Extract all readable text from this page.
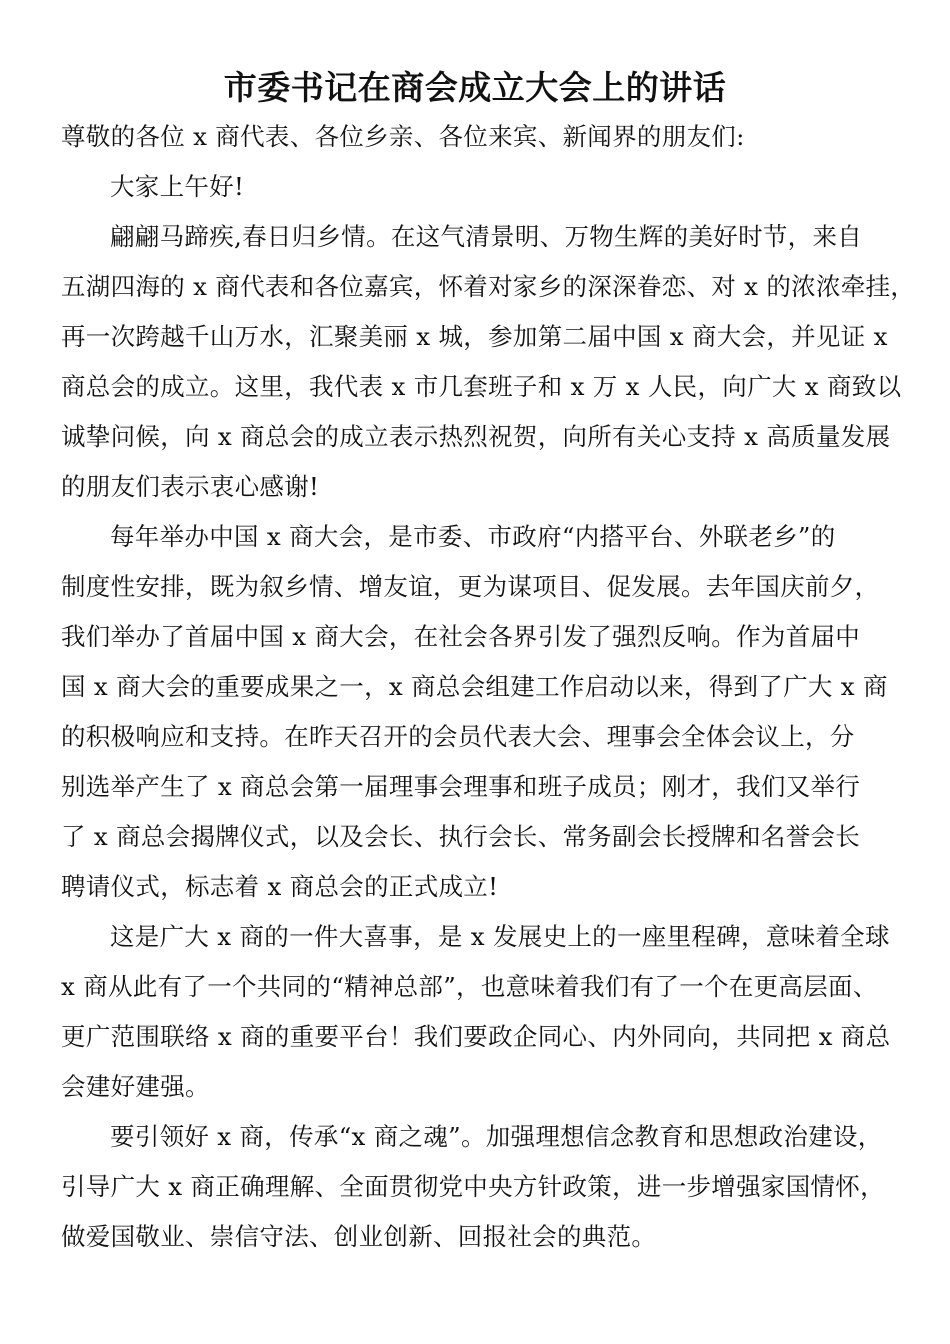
市委书记在商会成立大会上的讲话
尊敬的各位 x 商代表、各位乡亲、各位来宾、新闻界的朋友们:
大家上午好!
翩翩马蹄疾,春日归乡情。在这气清景明、万物生辉的美好时节，来自
五湖四海的 x 商代表和各位嘉宾，怀着对家乡的深深眷恋、对 x 的浓浓牵挂，
再一次跨越千山万水，汇聚美丽 x 城，参加第二届中国 x 商大会，并见证 x
商总会的成立。这里，我代表 x 市几套班子和 x 万 x 人民，向广大 x 商致以
诚挚问候，向 x 商总会的成立表示热烈祝贺，向所有关心支持 x 高质量发展
的朋友们表示衷心感谢!
每年举办中国 x 商大会，是市委、市政府“内搭平台、外联老乡”的
制度性安排，既为叙乡情、增友谊，更为谋项目、促发展。去年国庆前夕，
我们举办了首届中国 x 商大会，在社会各界引发了强烈反响。作为首届中
国 x 商大会的重要成果之一，x 商总会组建工作启动以来，得到了广大 x 商
的积极响应和支持。在昨天召开的会员代表大会、理事会全体会议上，分
别选举产生了 x 商总会第一届理事会理事和班子成员；刚才，我们又举行
了 x 商总会揭牌仪式，以及会长、执行会长、常务副会长授牌和名誉会长
聘请仪式，标志着 x 商总会的正式成立!
这是广大 x 商的一件大喜事，是 x 发展史上的一座里程碑，意味着全球
x 商从此有了一个共同的“精神总部”，也意味着我们有了一个在更高层面、
更广范围联络 x 商的重要平台！我们要政企同心、内外同向，共同把 x 商总
会建好建强。
要引领好 x 商，传承“x 商之魂”。加强理想信念教育和思想政治建设，
引导广大 x 商正确理解、全面贯彻党中央方针政策，进一步增强家国情怀，
做爱国敬业、崇信守法、创业创新、回报社会的典范。
